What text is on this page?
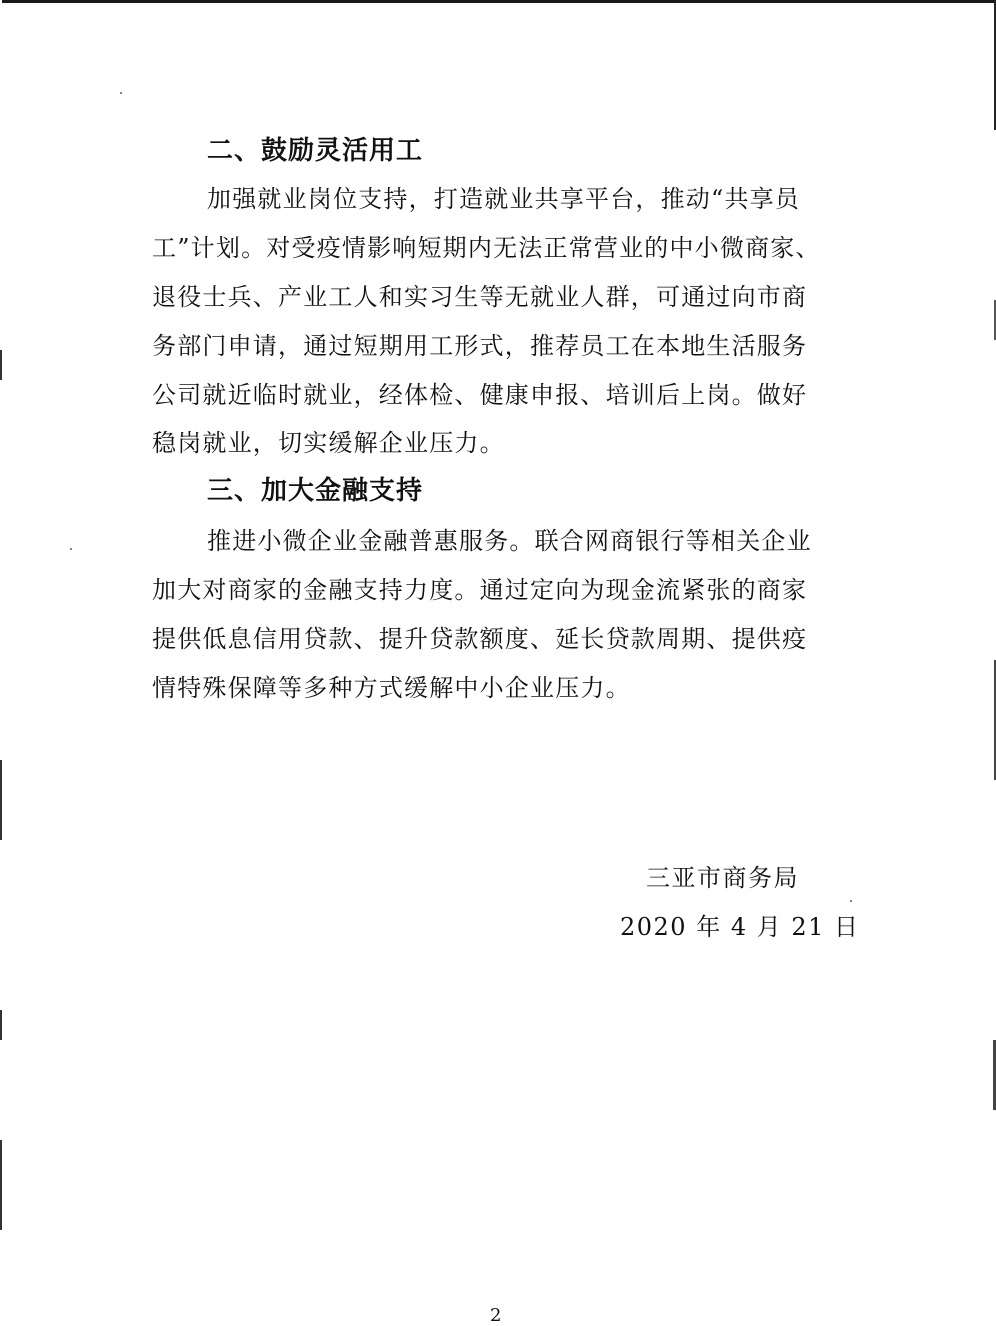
二、鼓励灵活用工
加强就业岗位支持，打造就业共享平台，推动“共享员
工”计划。对受疫情影响短期内无法正常营业的中小微商家、
退役士兵、产业工人和实习生等无就业人群，可通过向市商
务部门申请，通过短期用工形式，推荐员工在本地生活服务
公司就近临时就业，经体检、健康申报、培训后上岗。做好
稳岗就业，切实缓解企业压力。
三、加大金融支持
推进小微企业金融普惠服务。联合网商银行等相关企业
加大对商家的金融支持力度。通过定向为现金流紧张的商家
提供低息信用贷款、提升贷款额度、延长贷款周期、提供疫
情特殊保障等多种方式缓解中小企业压力。
三亚市商务局
2020 年 4 月 21 日
2
